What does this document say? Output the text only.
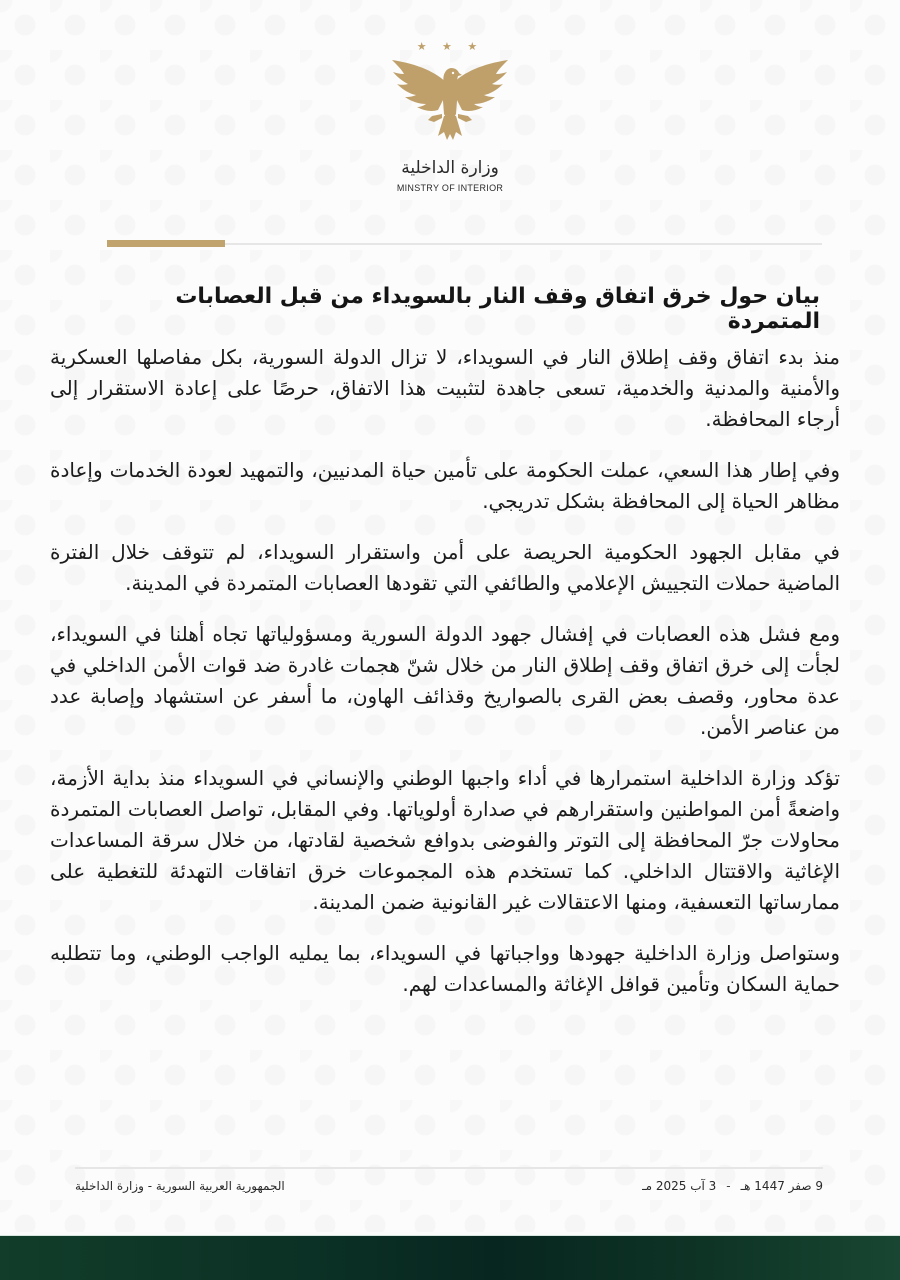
★ ★ ★
وزارة الداخلية
MINSTRY OF INTERIOR
بيان حول خرق اتفاق وقف النار بالسويداء من قبل العصابات المتمردة

منذ بدء اتفاق وقف إطلاق النار في السويداء، لا تزال الدولة السورية، بكل مفاصلها العسكرية والأمنية والمدنية والخدمية، تسعى جاهدة لتثبيت هذا الاتفاق، حرصًا على إعادة الاستقرار إلى أرجاء المحافظة.

وفي إطار هذا السعي، عملت الحكومة على تأمين حياة المدنيين، والتمهيد لعودة الخدمات وإعادة مظاهر الحياة إلى المحافظة بشكل تدريجي.

في مقابل الجهود الحكومية الحريصة على أمن واستقرار السويداء، لم تتوقف خلال الفترة الماضية حملات التجييش الإعلامي والطائفي التي تقودها العصابات المتمردة في المدينة.

ومع فشل هذه العصابات في إفشال جهود الدولة السورية ومسؤولياتها تجاه أهلنا في السويداء، لجأت إلى خرق اتفاق وقف إطلاق النار من خلال شنّ هجمات غادرة ضد قوات الأمن الداخلي في عدة محاور، وقصف بعض القرى بالصواريخ وقذائف الهاون، ما أسفر عن استشهاد وإصابة عدد من عناصر الأمن.

تؤكد وزارة الداخلية استمرارها في أداء واجبها الوطني والإنساني في السويداء منذ بداية الأزمة، واضعةً أمن المواطنين واستقرارهم في صدارة أولوياتها. وفي المقابل، تواصل العصابات المتمردة محاولات جرّ المحافظة إلى التوتر والفوضى بدوافع شخصية لقادتها، من خلال سرقة المساعدات الإغاثية والاقتتال الداخلي. كما تستخدم هذه المجموعات خرق اتفاقات التهدئة للتغطية على ممارساتها التعسفية، ومنها الاعتقالات غير القانونية ضمن المدينة.

وستواصل وزارة الداخلية جهودها وواجباتها في السويداء، بما يمليه الواجب الوطني، وما تتطلبه حماية السكان وتأمين قوافل الإغاثة والمساعدات لهم.

9 صفر 1447 هـ
-
3 آب 2025 مـ
الجمهورية العربية السورية - وزارة الداخلية
